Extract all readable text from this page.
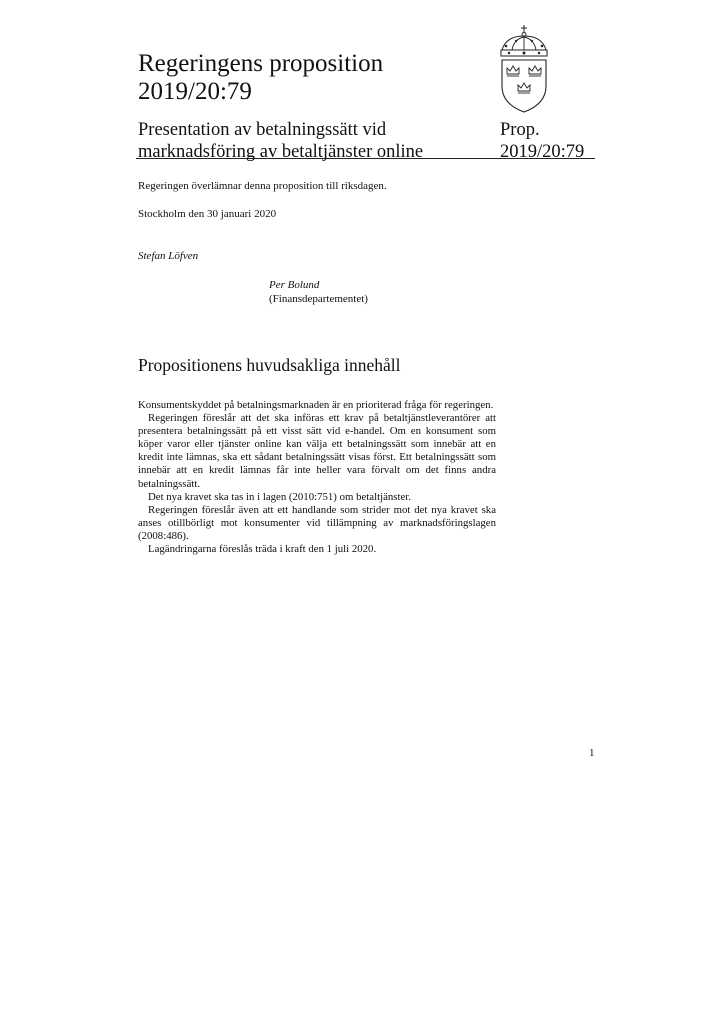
Regeringens proposition
2019/20:79
Presentation av betalningssätt vid
marknadsföring av betaltjänster online
Prop.
2019/20:79
Regeringen överlämnar denna proposition till riksdagen.
Stockholm den 30 januari 2020
Stefan Löfven
Per Bolund
(Finansdepartementet)
Propositionens huvudsakliga innehåll

Konsumentskyddet på betalningsmarknaden är en prioriterad fråga för regeringen.

Regeringen föreslår att det ska införas ett krav på betaltjänstleverantörer att presentera betalningssätt på ett visst sätt vid e-handel. Om en konsument som köper varor eller tjänster online kan välja ett betalningssätt som innebär att en kredit inte lämnas, ska ett sådant betalningssätt visas först. Ett betalningssätt som innebär att en kredit lämnas får inte heller vara förvalt om det finns andra betalningssätt.

Det nya kravet ska tas in i lagen (2010:751) om betaltjänster.

Regeringen föreslår även att ett handlande som strider mot det nya kravet ska anses otillbörligt mot konsumenter vid tillämpning av marknadsföringslagen (2008:486).

Lagändringarna föreslås träda i kraft den 1 juli 2020.

1
